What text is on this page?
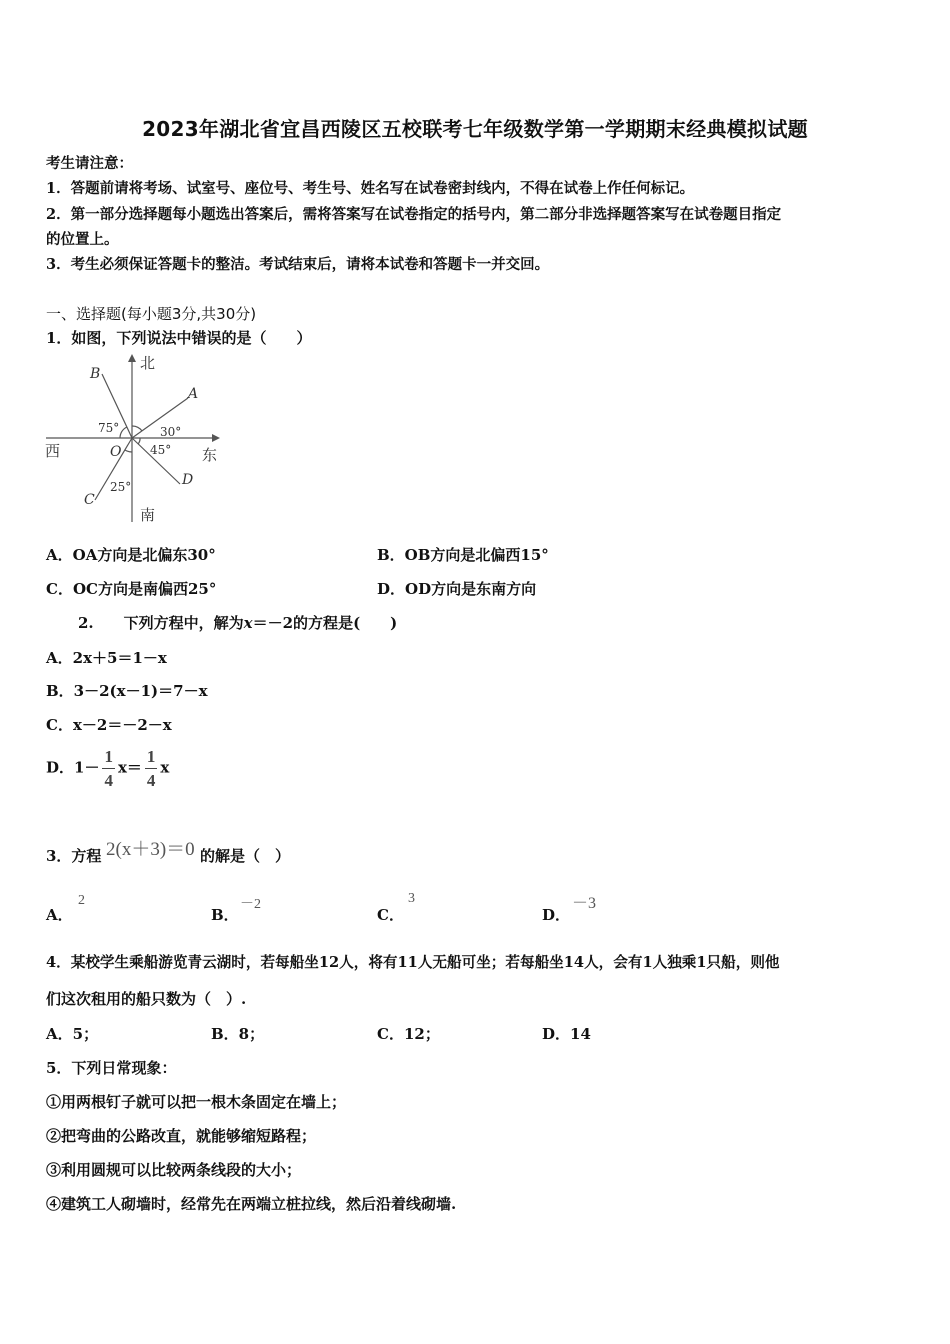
2023年湖北省宜昌西陵区五校联考七年级数学第一学期期末经典模拟试题
考生请注意：
1．答题前请将考场、试室号、座位号、考生号、姓名写在试卷密封线内，不得在试卷上作任何标记。
2．第一部分选择题每小题选出答案后，需将答案写在试卷指定的括号内，第二部分非选择题答案写在试卷题目指定
的位置上。
3．考生必须保证答题卡的整洁。考试结束后，请将本试卷和答题卡一并交回。
一、选择题(每小题3分,共30分)
1．如图，下列说法中错误的是（　　）
北
南
西	东
A
B
C
D
O
30°
75°
25°
45°
A．OA方向是北偏东30°	B．OB方向是北偏西15°
C．OC方向是南偏西25°	D．OD方向是东南方向
2.　　下列方程中，解为x＝－2的方程是(　　)
A．2x＋5＝1－x
B．3－2(x－1)＝7－x
C．x－2＝－2－x
D．$1- \frac{1}{4} x= \frac{1}{4}$ x
3．方程 2(x＋3)＝0 的解是（　）
A．
2
B．
－2
C．
3
D．
－3
4．某校学生乘船游览青云湖时，若每船坐12人，将有11人无船可坐；若每船坐14人，会有1人独乘1只船，则他
们这次租用的船只数为（　）.
A．5；	B．8；	C．12；	D．14
5．下列日常现象：
①用两根钉子就可以把一根木条固定在墙上；
②把弯曲的公路改直，就能够缩短路程；
③利用圆规可以比较两条线段的大小；
④建筑工人砌墙时，经常先在两端立桩拉线，然后沿着线砌墙.
